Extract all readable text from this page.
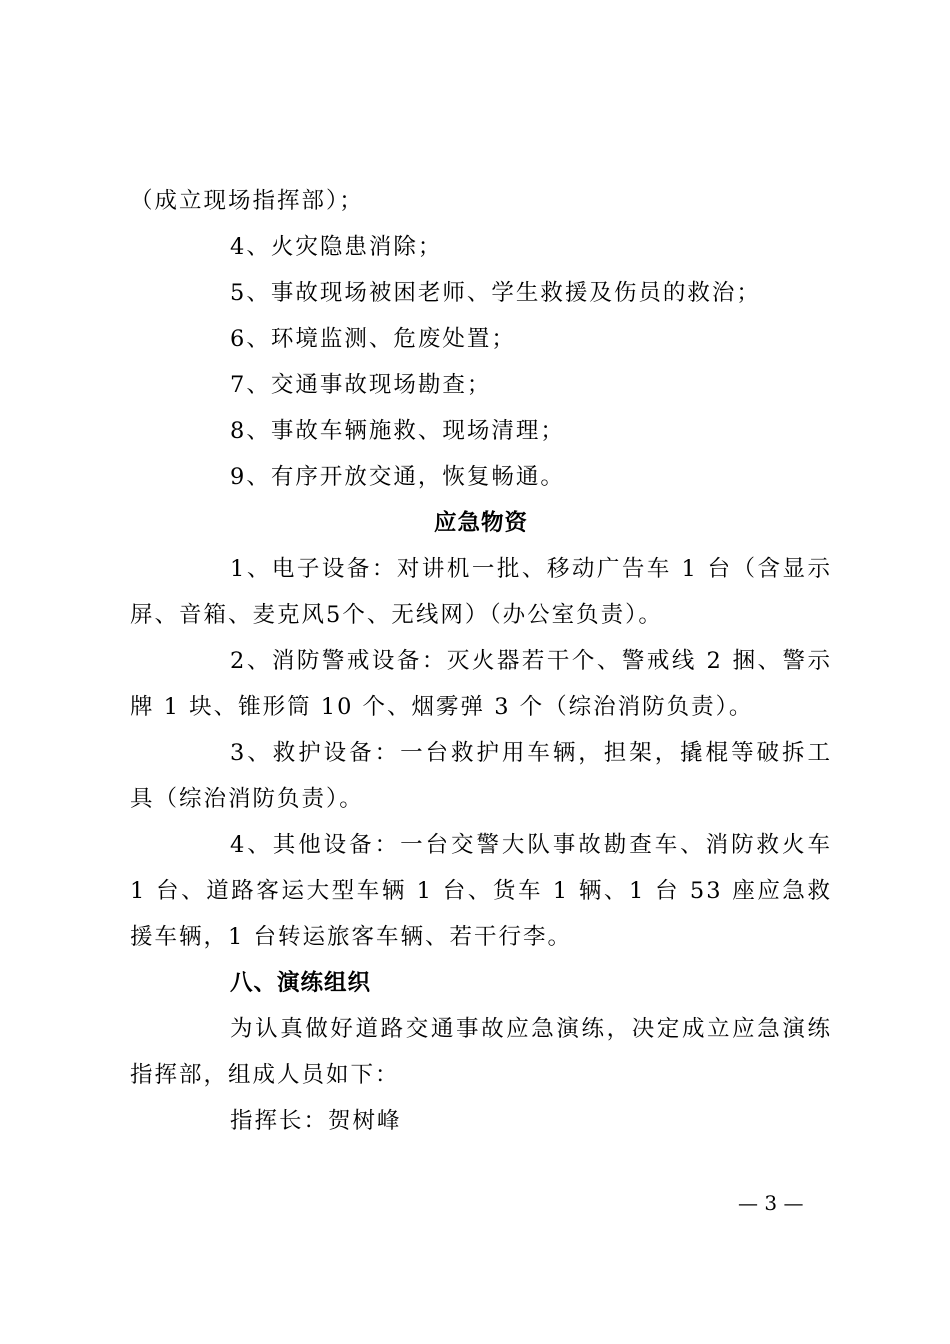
（成立现场指挥部）；
4、火灾隐患消除；
5、事故现场被困老师、学生救援及伤员的救治；
6、环境监测、危废处置；
7、交通事故现场勘查；
8、事故车辆施救、现场清理；
9、有序开放交通，恢复畅通。
应急物资
1、电子设备：对讲机一批、移动广告车 1 台（含显示屏、音箱、麦克风5个、无线网）（办公室负责）。
2、消防警戒设备：灭火器若干个、警戒线 2 捆、警示牌 1 块、锥形筒 10 个、烟雾弹 3 个（综治消防负责）。
3、救护设备：一台救护用车辆，担架，撬棍等破拆工具（综治消防负责）。
4、其他设备：一台交警大队事故勘查车、消防救火车 1 台、道路客运大型车辆 1 台、货车 1 辆、1 台 53 座应急救援车辆，1 台转运旅客车辆、若干行李。
八、演练组织
为认真做好道路交通事故应急演练，决定成立应急演练指挥部，组成人员如下：
指挥长：贺树峰
— 3 —
